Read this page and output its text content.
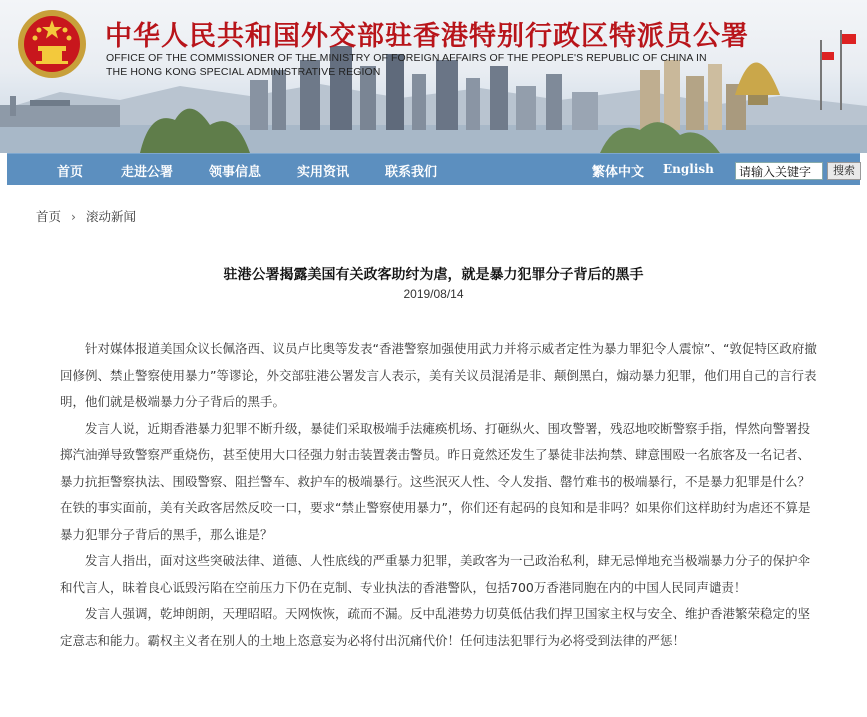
中华人民共和国外交部驻香港特别行政区特派员公署
OFFICE OF THE COMMISSIONER OF THE MINISTRY OF FOREIGN AFFAIRS OF THE PEOPLE'S REPUBLIC OF CHINA IN
THE HONG KONG SPECIAL ADMINISTRATIVE REGION
首页	走进公署	领事信息	实用资讯	联系我们	繁体中文 English
请输入关键字	搜索
首页 › 滚动新闻
驻港公署揭露美国有关政客助纣为虐，就是暴力犯罪分子背后的黑手
2019/08/14

针对媒体报道美国众议长佩洛西、议员卢比奥等发表“香港警察加强使用武力并将示威者定性为暴力罪犯令人震惊”、“敦促特区政府撤回修例、禁止警察使用暴力”等谬论，外交部驻港公署发言人表示，美有关议员混淆是非、颠倒黑白，煽动暴力犯罪，他们用自己的言行表明，他们就是极端暴力分子背后的黑手。

发言人说，近期香港暴力犯罪不断升级，暴徒们采取极端手法瘫痪机场、打砸纵火、围攻警署，残忍地咬断警察手指，悍然向警署投掷汽油弹导致警察严重烧伤，甚至使用大口径强力射击装置袭击警员。昨日竟然还发生了暴徒非法拘禁、肆意围殴一名旅客及一名记者、暴力抗拒警察执法、围殴警察、阻拦警车、救护车的极端暴行。这些泯灭人性、令人发指、罄竹难书的极端暴行，不是暴力犯罪是什么？在铁的事实面前，美有关政客居然反咬一口，要求“禁止警察使用暴力”，你们还有起码的良知和是非吗？如果你们这样助纣为虐还不算是暴力犯罪分子背后的黑手，那么谁是？

发言人指出，面对这些突破法律、道德、人性底线的严重暴力犯罪，美政客为一己政治私利，肆无忌惮地充当极端暴力分子的保护伞和代言人，昧着良心诋毁污陷在空前压力下仍在克制、专业执法的香港警队，包括700万香港同胞在内的中国人民同声谴责！

发言人强调，乾坤朗朗，天理昭昭。天网恢恢，疏而不漏。反中乱港势力切莫低估我们捍卫国家主权与安全、维护香港繁荣稳定的坚定意志和能力。霸权主义者在别人的土地上恣意妄为必将付出沉痛代价！任何违法犯罪行为必将受到法律的严惩！
